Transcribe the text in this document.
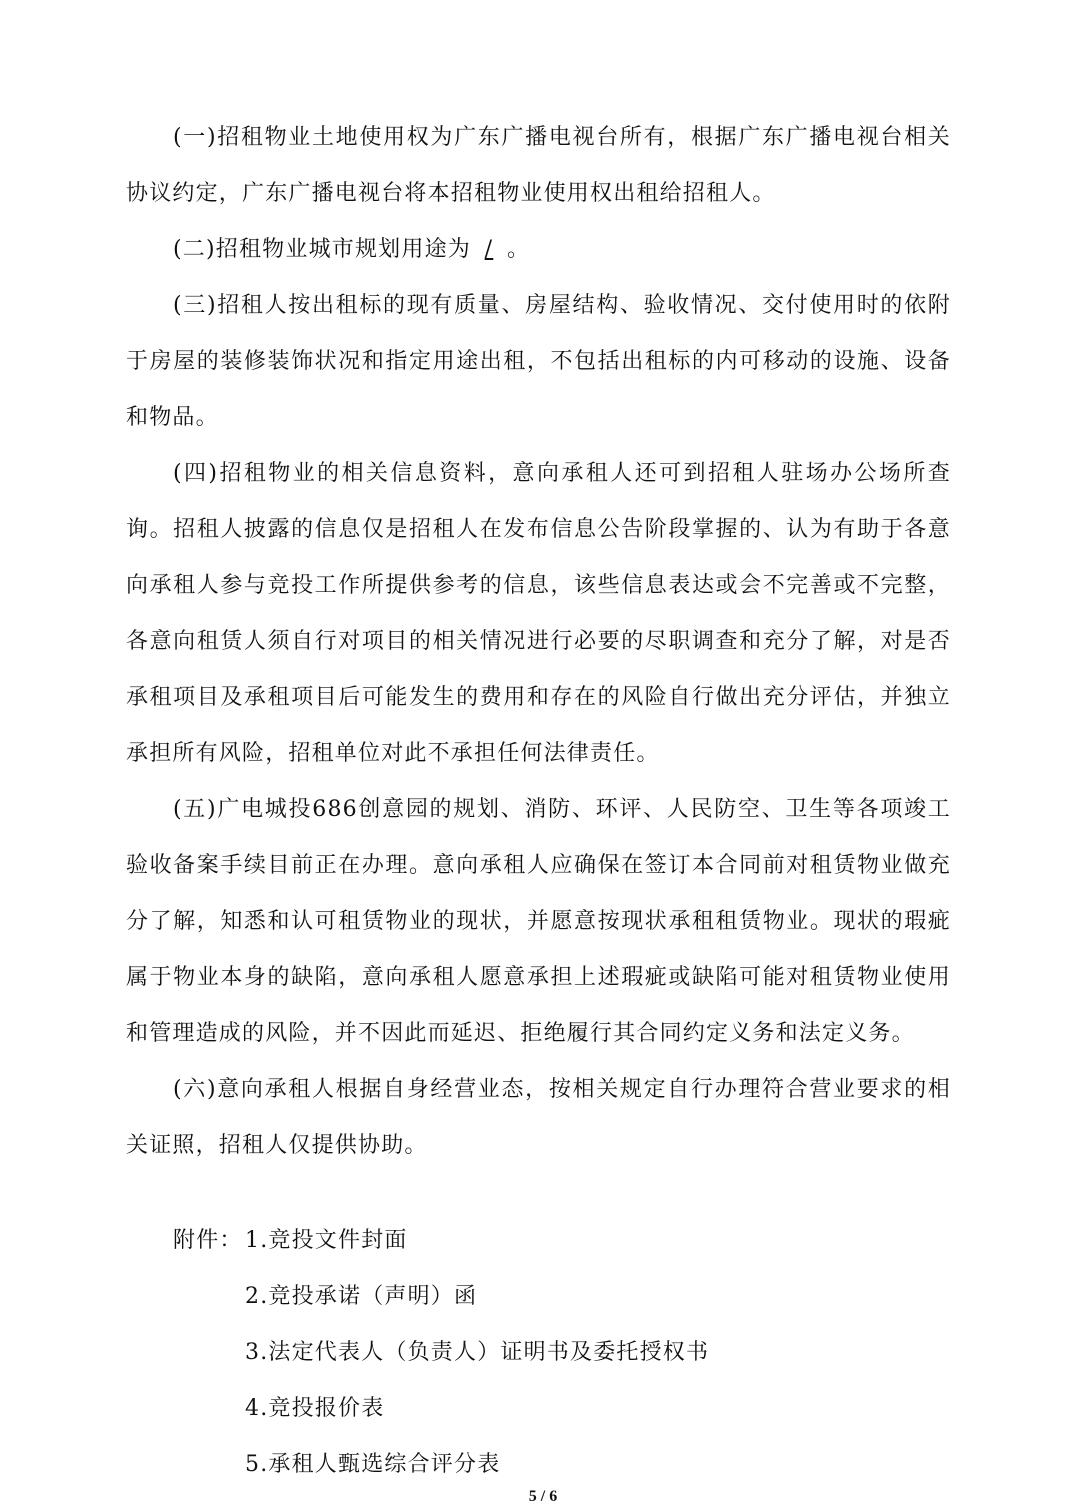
(一)招租物业土地使用权为广东广播电视台所有，根据广东广播电视台相关协议约定，广东广播电视台将本招租物业使用权出租给招租人。

(二)招租物业城市规划用途为 / 。

(三)招租人按出租标的现有质量、房屋结构、验收情况、交付使用时的依附于房屋的装修装饰状况和指定用途出租，不包括出租标的内可移动的设施、设备和物品。

(四)招租物业的相关信息资料，意向承租人还可到招租人驻场办公场所查询。招租人披露的信息仅是招租人在发布信息公告阶段掌握的、认为有助于各意向承租人参与竞投工作所提供参考的信息，该些信息表达或会不完善或不完整，各意向租赁人须自行对项目的相关情况进行必要的尽职调查和充分了解，对是否承租项目及承租项目后可能发生的费用和存在的风险自行做出充分评估，并独立承担所有风险，招租单位对此不承担任何法律责任。

(五)广电城投686创意园的规划、消防、环评、人民防空、卫生等各项竣工验收备案手续目前正在办理。意向承租人应确保在签订本合同前对租赁物业做充分了解，知悉和认可租赁物业的现状，并愿意按现状承租租赁物业。现状的瑕疵属于物业本身的缺陷，意向承租人愿意承担上述瑕疵或缺陷可能对租赁物业使用和管理造成的风险，并不因此而延迟、拒绝履行其合同约定义务和法定义务。

(六)意向承租人根据自身经营业态，按相关规定自行办理符合营业要求的相关证照，招租人仅提供协助。

附件： 1.竞投文件封面
2.竞投承诺（声明）函
3.法定代表人（负责人）证明书及委托授权书
4.竞投报价表
5.承租人甄选综合评分表
5 / 6
